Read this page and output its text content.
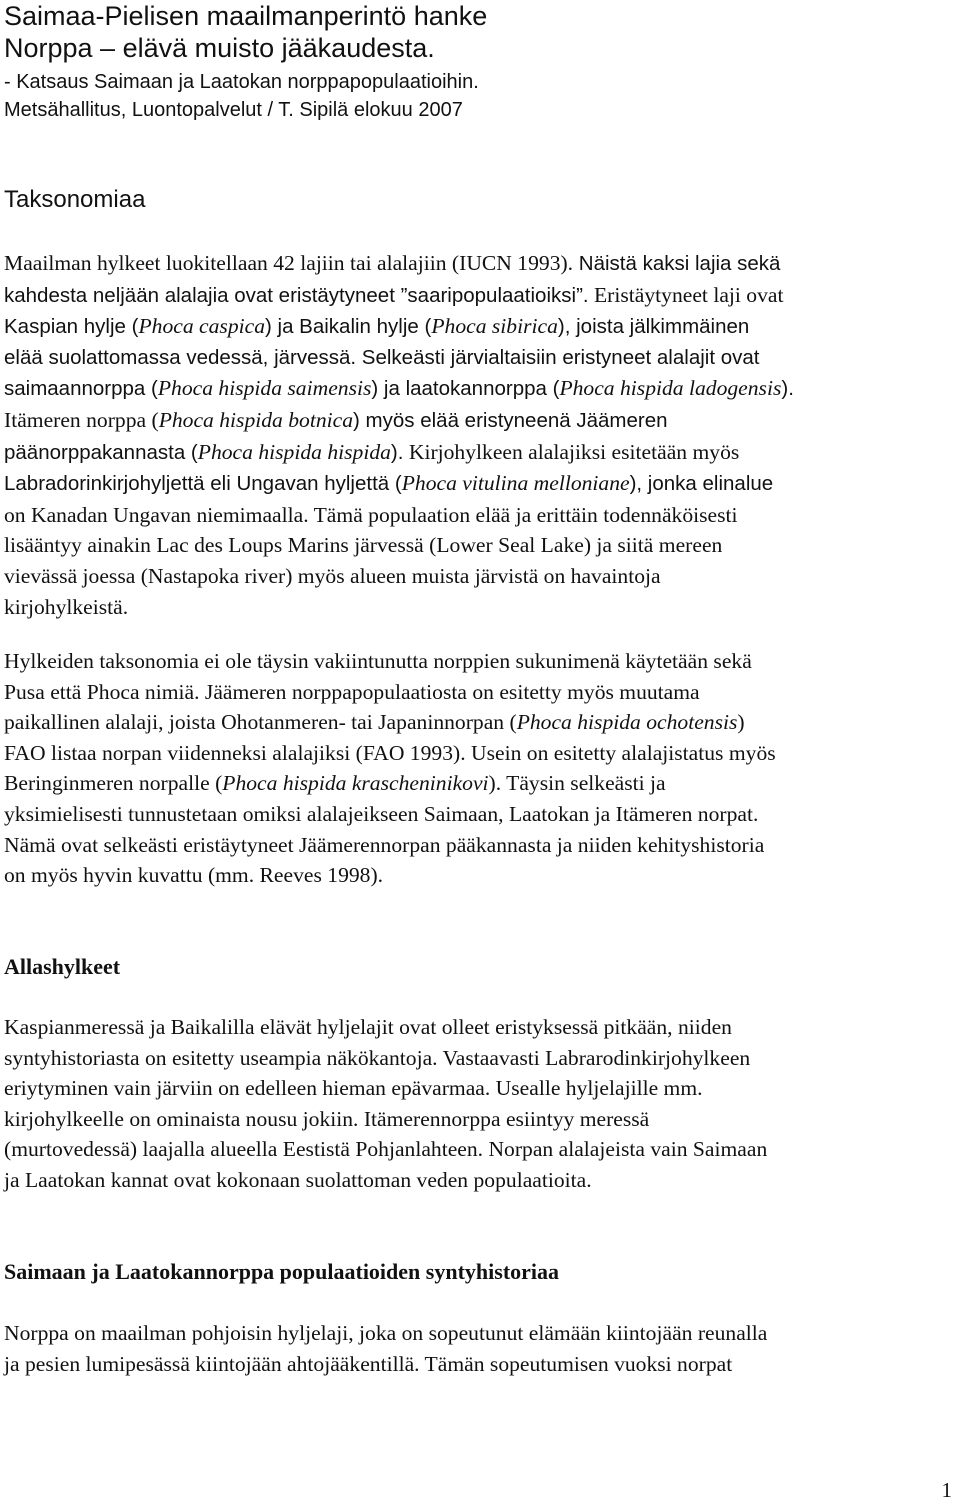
Saimaa-Pielisen maailmanperintö hanke
Norppa – elävä muisto jääkaudesta.
- Katsaus Saimaan ja Laatokan norppapopulaatioihin.
Metsähallitus, Luontopalvelut / T. Sipilä elokuu 2007
Taksonomiaa
Maailman hylkeet luokitellaan 42 lajiin tai alalajiin (IUCN 1993). Näistä kaksi lajia sekä
kahdesta neljään alalajia ovat eristäytyneet ”saaripopulaatioiksi”. Eristäytyneet laji ovat
Kaspian hylje (Phoca caspica) ja Baikalin hylje (Phoca sibirica), joista jälkimmäinen
elää suolattomassa vedessä, järvessä. Selkeästi järvialtaisiin eristyneet alalajit ovat
saimaannorppa (Phoca hispida saimensis) ja laatokannorppa (Phoca hispida ladogensis).
Itämeren norppa (Phoca hispida botnica) myös elää eristyneenä Jäämeren
päänorppakannasta (Phoca hispida hispida). Kirjohylkeen alalajiksi esitetään myös
Labradorinkirjohyljettä eli Ungavan hyljettä (Phoca vitulina melloniane), jonka elinalue
on Kanadan Ungavan niemimaalla. Tämä populaation elää ja erittäin todennäköisesti
lisääntyy ainakin Lac des Loups Marins järvessä (Lower Seal Lake) ja siitä mereen
vievässä joessa (Nastapoka river) myös alueen muista järvistä on havaintoja
kirjohylkeistä.
Hylkeiden taksonomia ei ole täysin vakiintunutta norppien sukunimenä käytetään sekä
Pusa että Phoca nimiä. Jäämeren norppapopulaatiosta on esitetty myös muutama
paikallinen alalaji, joista Ohotanmeren- tai Japaninnorpan (Phoca hispida ochotensis)
FAO listaa norpan viidenneksi alalajiksi (FAO 1993). Usein on esitetty alalajistatus myös
Beringinmeren norpalle (Phoca hispida krascheninikovi). Täysin selkeästi ja
yksimielisesti tunnustetaan omiksi alalajeikseen Saimaan, Laatokan ja Itämeren norpat.
Nämä ovat selkeästi eristäytyneet Jäämerennorpan pääkannasta ja niiden kehityshistoria
on myös hyvin kuvattu (mm. Reeves 1998).
Allashylkeet
Kaspianmeressä ja Baikalilla elävät hyljelajit ovat olleet eristyksessä pitkään, niiden
syntyhistoriasta on esitetty useampia näkökantoja. Vastaavasti Labrarodinkirjohylkeen
eriytyminen vain järviin on edelleen hieman epävarmaa. Usealle hyljelajille mm.
kirjohylkeelle on ominaista nousu jokiin. Itämerennorppa esiintyy meressä
(murtovedessä) laajalla alueella Eestistä Pohjanlahteen. Norpan alalajeista vain Saimaan
ja Laatokan kannat ovat kokonaan suolattoman veden populaatioita.
Saimaan ja Laatokannorppa populaatioiden syntyhistoriaa
Norppa on maailman pohjoisin hyljelaji, joka on sopeutunut elämään kiintojään reunalla
ja pesien lumipesässä kiintojään ahtojääkentillä. Tämän sopeutumisen vuoksi norpat
1
